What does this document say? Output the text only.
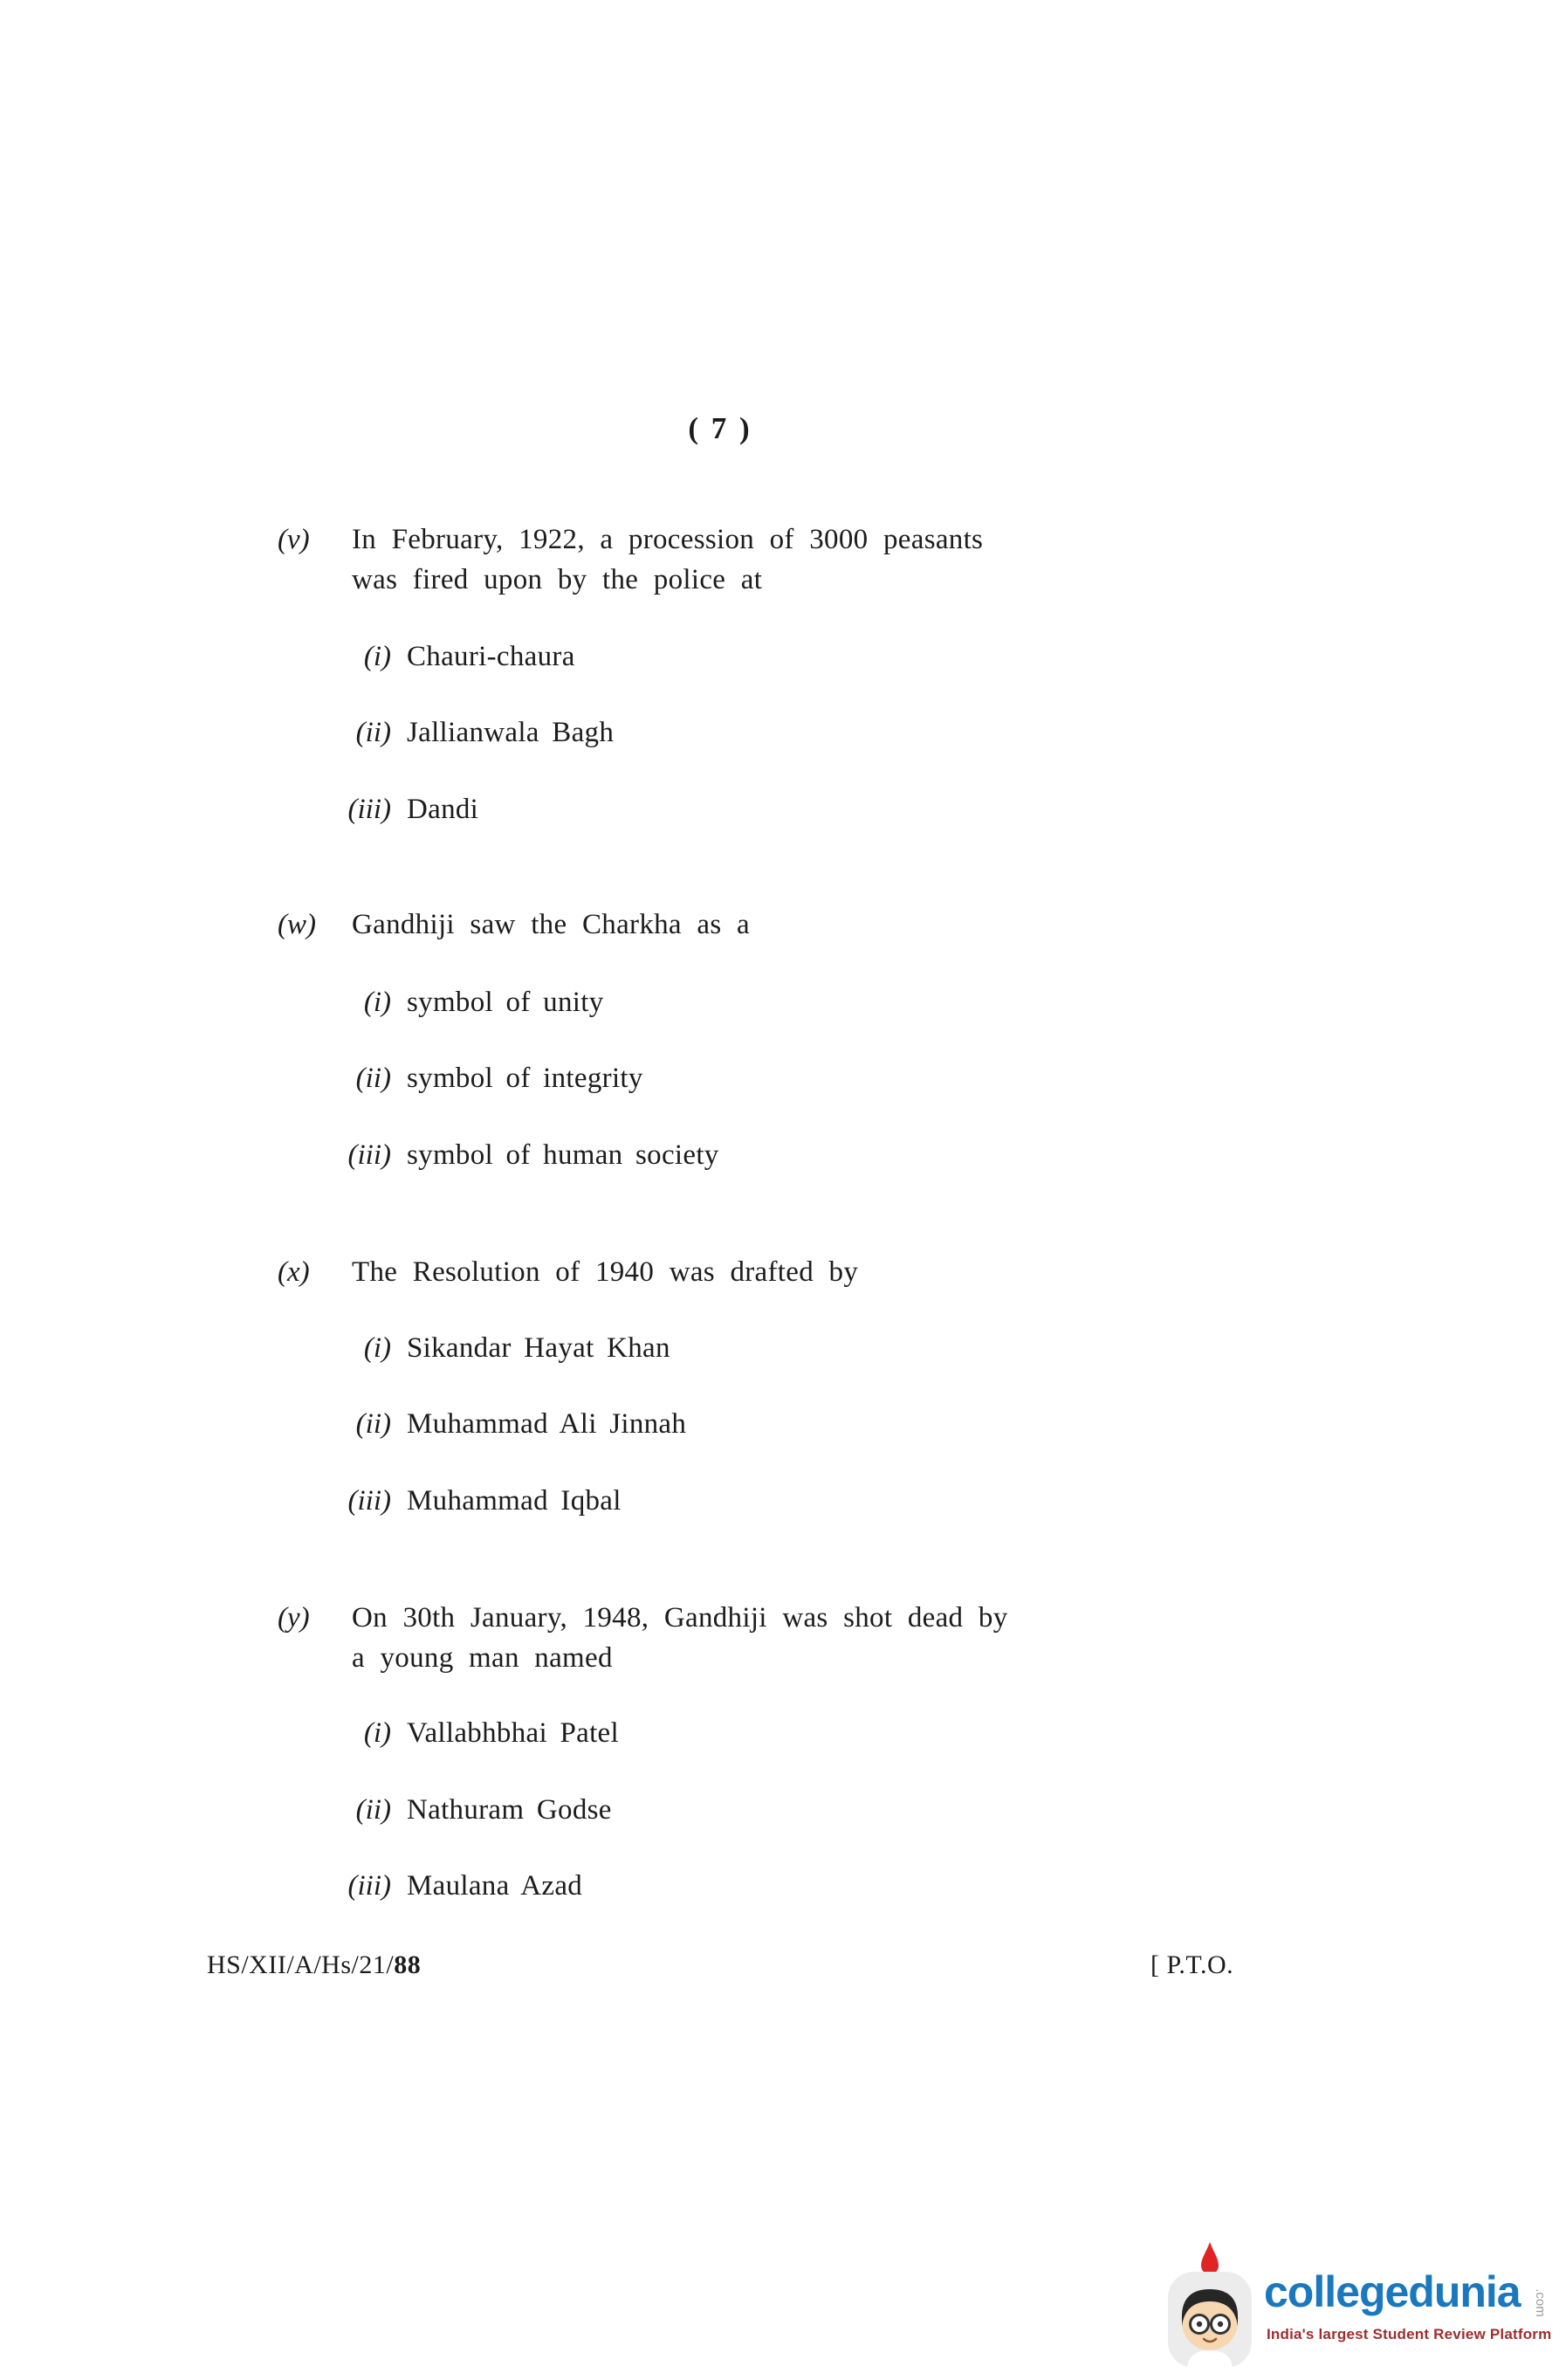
( 7 )
(v)	In February, 1922, a procession of 3000 peasants
was fired upon by the police at
(i) Chauri-chaura
(ii) Jallianwala Bagh
(iii) Dandi
(w)	Gandhiji saw the Charkha as a
(i) symbol of unity
(ii) symbol of integrity
(iii) symbol of human society
(x)	The Resolution of 1940 was drafted by
(i) Sikandar Hayat Khan
(ii) Muhammad Ali Jinnah
(iii) Muhammad Iqbal
(y)	On 30th January, 1948, Gandhiji was shot dead by
a young man named
(i) Vallabhbhai Patel
(ii) Nathuram Godse
(iii) Maulana Azad
HS/XII/A/Hs/21/88	[ P.T.O.
collegedunia .com
India's largest Student Review Platform
